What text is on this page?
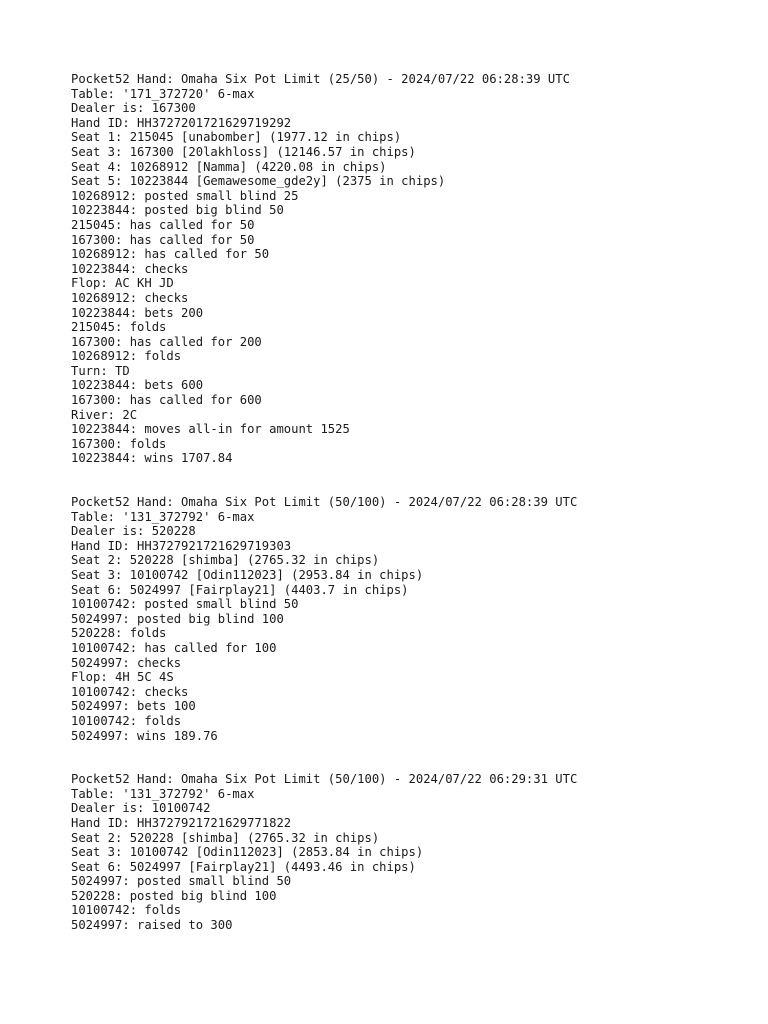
Pocket52 Hand: Omaha Six Pot Limit (25/50) - 2024/07/22 06:28:39 UTC
Table: '171_372720' 6-max
Dealer is: 167300
Hand ID: HH3727201721629719292
Seat 1: 215045 [unabomber] (1977.12 in chips)
Seat 3: 167300 [20lakhloss] (12146.57 in chips)
Seat 4: 10268912 [Namma] (4220.08 in chips)
Seat 5: 10223844 [Gemawesome_gde2y] (2375 in chips)
10268912: posted small blind 25
10223844: posted big blind 50
215045: has called for 50
167300: has called for 50
10268912: has called for 50
10223844: checks
Flop: AC KH JD
10268912: checks
10223844: bets 200
215045: folds
167300: has called for 200
10268912: folds
Turn: TD
10223844: bets 600
167300: has called for 600
River: 2C
10223844: moves all-in for amount 1525
167300: folds
10223844: wins 1707.84
Pocket52 Hand: Omaha Six Pot Limit (50/100) - 2024/07/22 06:28:39 UTC
Table: '131_372792' 6-max
Dealer is: 520228
Hand ID: HH3727921721629719303
Seat 2: 520228 [shimba] (2765.32 in chips)
Seat 3: 10100742 [Odin112023] (2953.84 in chips)
Seat 6: 5024997 [Fairplay21] (4403.7 in chips)
10100742: posted small blind 50
5024997: posted big blind 100
520228: folds
10100742: has called for 100
5024997: checks
Flop: 4H 5C 4S
10100742: checks
5024997: bets 100
10100742: folds
5024997: wins 189.76
Pocket52 Hand: Omaha Six Pot Limit (50/100) - 2024/07/22 06:29:31 UTC
Table: '131_372792' 6-max
Dealer is: 10100742
Hand ID: HH3727921721629771822
Seat 2: 520228 [shimba] (2765.32 in chips)
Seat 3: 10100742 [Odin112023] (2853.84 in chips)
Seat 6: 5024997 [Fairplay21] (4493.46 in chips)
5024997: posted small blind 50
520228: posted big blind 100
10100742: folds
5024997: raised to 300
